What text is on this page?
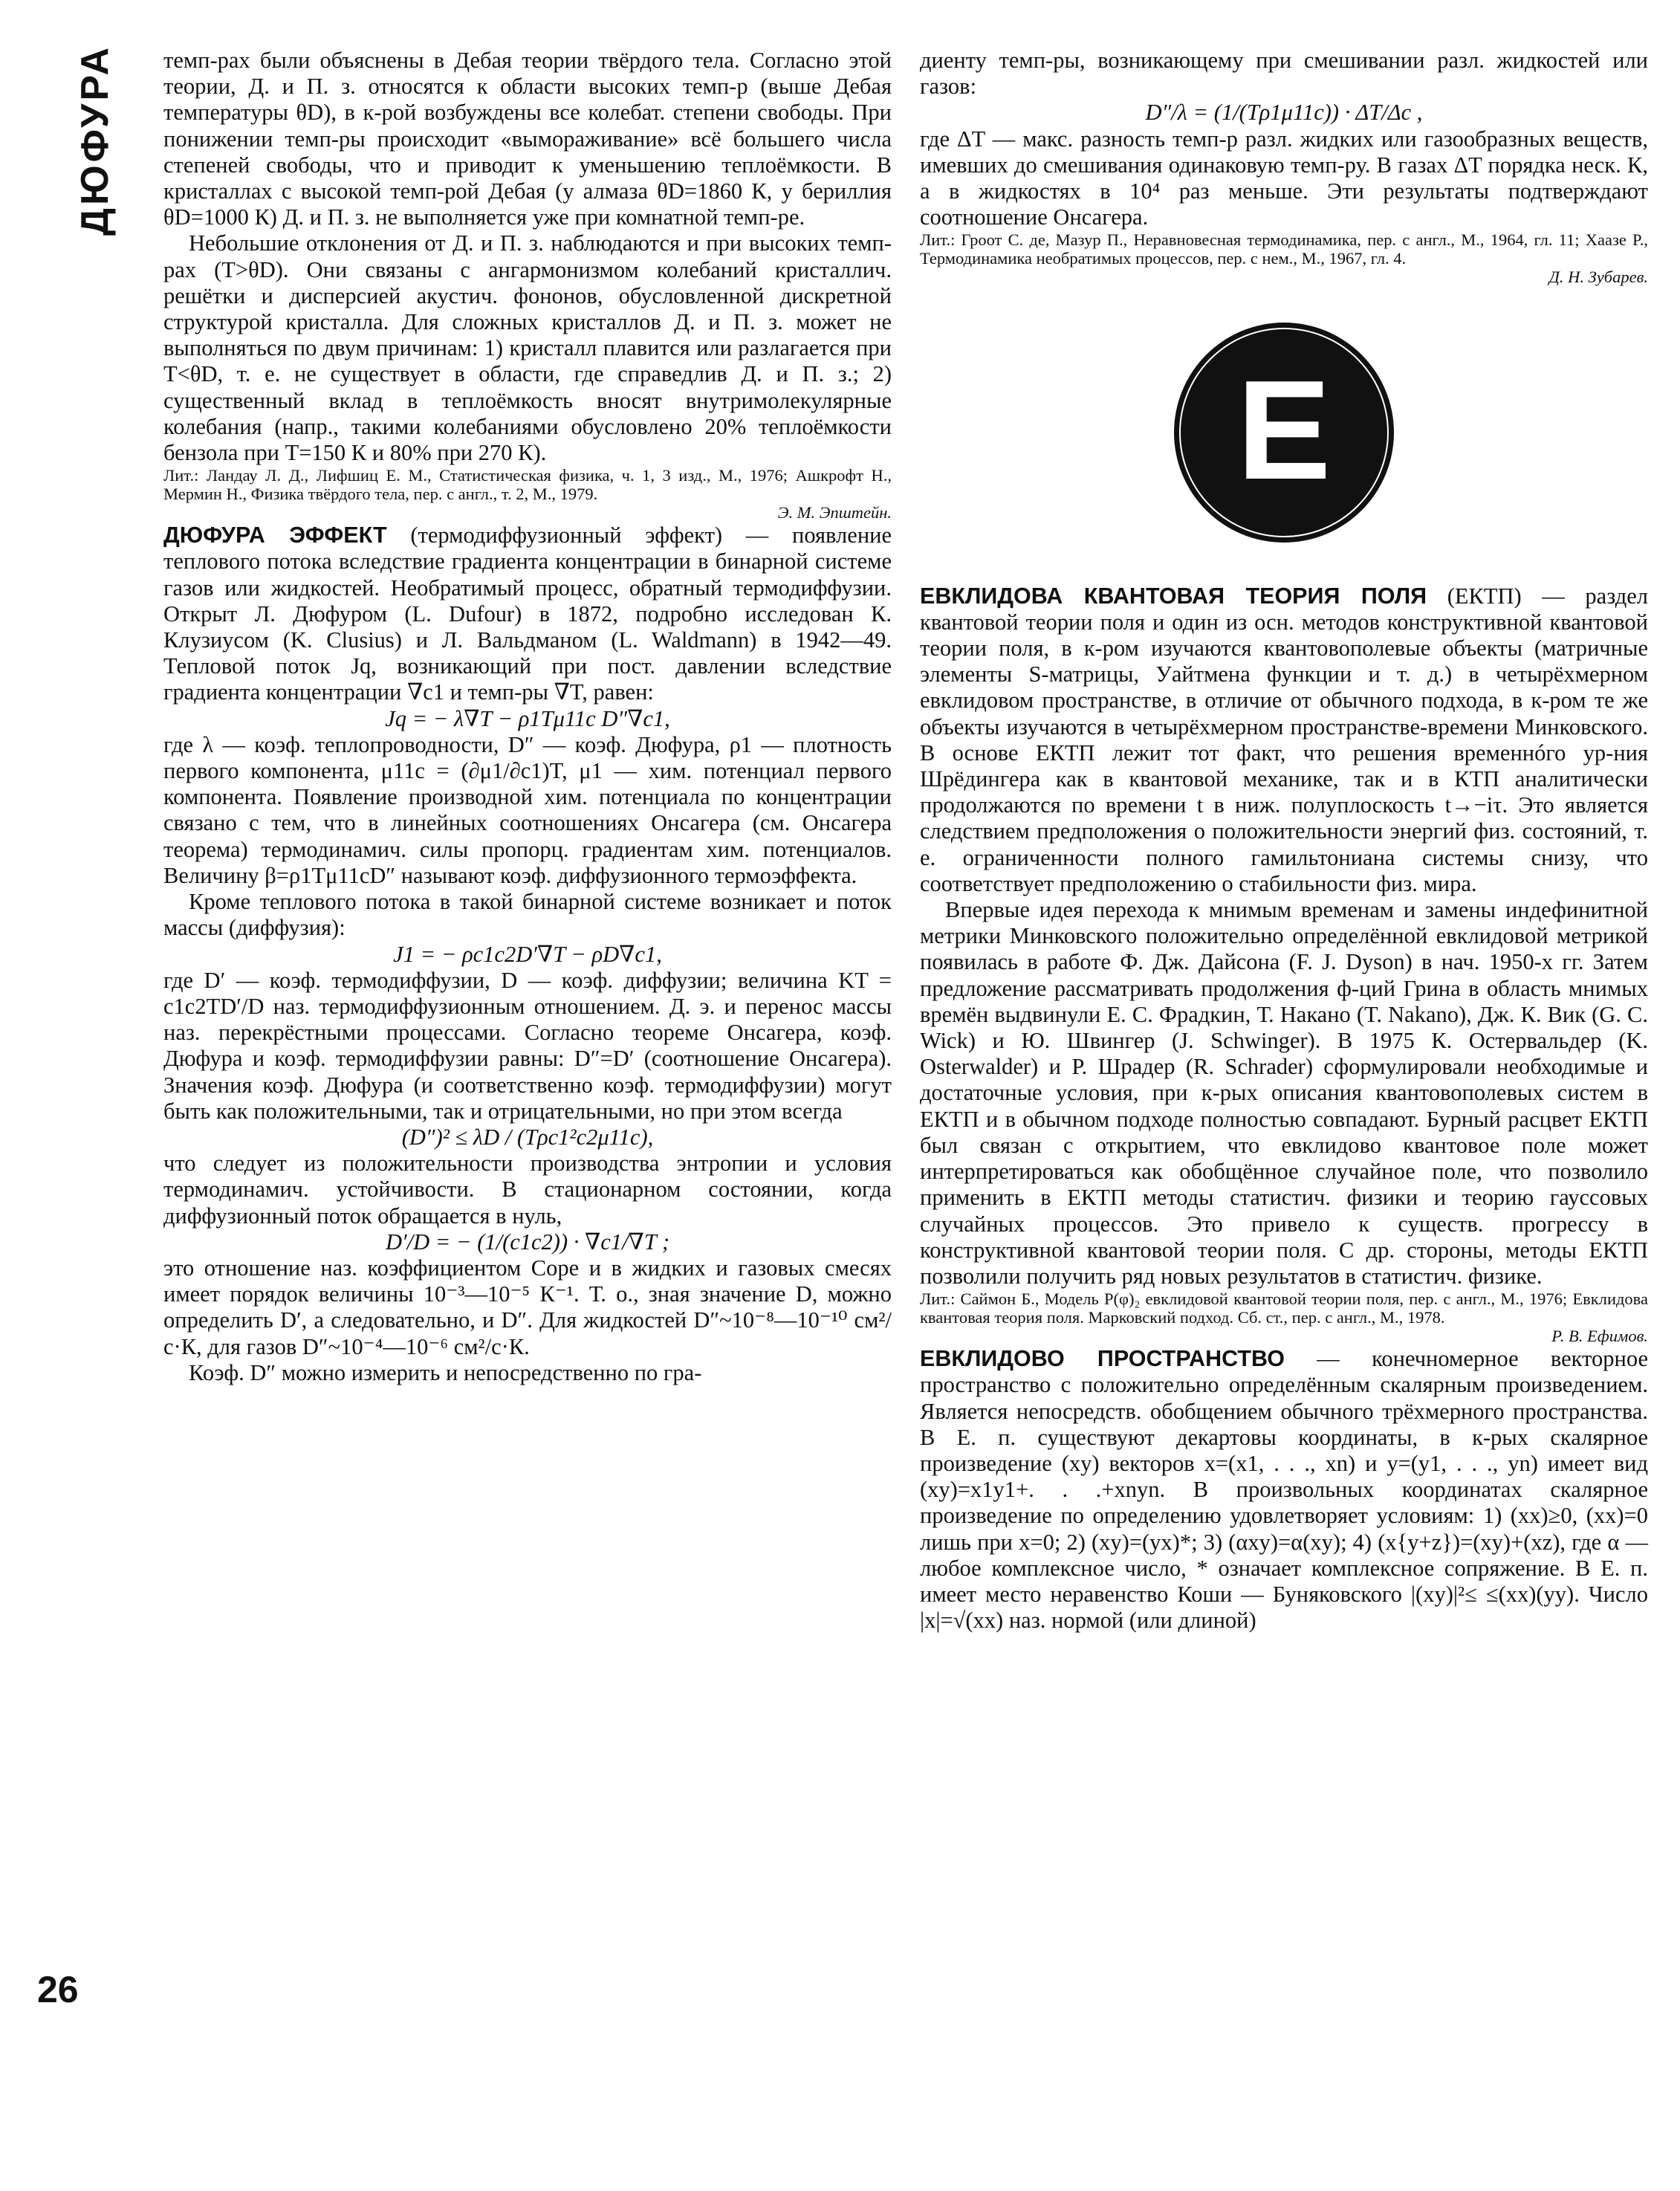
ДЮФУРА
26

темп-рах были объяснены в Дебая теории твёрдого тела. Согласно этой теории, Д. и П. з. относятся к области высоких темп-р (выше Дебая температуры θD), в к-рой возбуждены все колебат. степени свободы. При понижении темп-ры происходит «вымораживание» всё большего числа степеней свободы, что и приводит к уменьшению теплоёмкости. В кристаллах с высокой темп-рой Дебая (у алмаза θD=1860 К, у бериллия θD=1000 К) Д. и П. з. не выполняется уже при комнатной темп-ре.

Небольшие отклонения от Д. и П. з. наблюдаются и при высоких темп-рах (T>θD). Они связаны с ангармонизмом колебаний кристаллич. решётки и дисперсией акустич. фононов, обусловленной дискретной структурой кристалла. Для сложных кристаллов Д. и П. з. может не выполняться по двум причинам: 1) кристалл плавится или разлагается при T<θD, т. е. не существует в области, где справедлив Д. и П. з.; 2) существенный вклад в теплоёмкость вносят внутримолекулярные колебания (напр., такими колебаниями обусловлено 20% теплоёмкости бензола при T=150 К и 80% при 270 К).

Лит.: Ландау Л. Д., Лифшиц Е. М., Статистическая физика, ч. 1, 3 изд., М., 1976; Ашкрофт Н., Мермин Н., Физика твёрдого тела, пер. с англ., т. 2, М., 1979.

Э. М. Эпштейн.

ДЮФУРА ЭФФЕКТ (термодиффузионный эффект) — появление теплового потока вследствие градиента концентрации в бинарной системе газов или жидкостей. Необратимый процесс, обратный термодиффузии. Открыт Л. Дюфуром (L. Dufour) в 1872, подробно исследован К. Клузиусом (K. Clusius) и Л. Вальдманом (L. Waldmann) в 1942—49. Тепловой поток Jq, возникающий при пост. давлении вследствие градиента концентрации ∇c1 и темп-ры ∇T, равен:

Jq = − λ∇T − ρ1Tμ11c D″∇c1,

где λ — коэф. теплопроводности, D″ — коэф. Дюфура, ρ1 — плотность первого компонента, μ11c = (∂μ1/∂c1)T, μ1 — хим. потенциал первого компонента. Появление производной хим. потенциала по концентрации связано с тем, что в линейных соотношениях Онсагера (см. Онсагера теорема) термодинамич. силы пропорц. градиентам хим. потенциалов. Величину β=ρ1Tμ11cD″ называют коэф. диффузионного термоэффекта.

Кроме теплового потока в такой бинарной системе возникает и поток массы (диффузия):

J1 = − ρc1c2D′∇T − ρD∇c1,

где D′ — коэф. термодиффузии, D — коэф. диффузии; величина KT = c1c2TD′/D наз. термодиффузионным отношением. Д. э. и перенос массы наз. перекрёстными процессами. Согласно теореме Онсагера, коэф. Дюфура и коэф. термодиффузии равны: D″=D′ (соотношение Онсагера). Значения коэф. Дюфура (и соответственно коэф. термодиффузии) могут быть как положительными, так и отрицательными, но при этом всегда

(D″)² ≤ λD / (Tρc1²c2μ11c),

что следует из положительности производства энтропии и условия термодинамич. устойчивости. В стационарном состоянии, когда диффузионный поток обращается в нуль,

D′/D = − (1/(c1c2)) · ∇c1/∇T ;

это отношение наз. коэффициентом Соре и в жидких и газовых смесях имеет порядок величины 10⁻³—10⁻⁵ К⁻¹. Т. о., зная значение D, можно определить D′, а следовательно, и D″. Для жидкостей D″~10⁻⁸—10⁻¹⁰ см²/с·К, для газов D″~10⁻⁴—10⁻⁶ см²/с·К.

Коэф. D″ можно измерить и непосредственно по гра-

диенту темп-ры, возникающему при смешивании разл. жидкостей или газов:

D″/λ = (1/(Tρ1μ11c)) · ΔT/Δc ,

где ΔT — макс. разность темп-р разл. жидких или газообразных веществ, имевших до смешивания одинаковую темп-ру. В газах ΔT порядка неск. К, а в жидкостях в 10⁴ раз меньше. Эти результаты подтверждают соотношение Онсагера.

Лит.: Гроот С. де, Мазур П., Неравновесная термодинамика, пер. с англ., М., 1964, гл. 11; Хаазе Р., Термодинамика необратимых процессов, пер. с нем., М., 1967, гл. 4.

Д. Н. Зубарев.

E

ЕВКЛИДОВА КВАНТОВАЯ ТЕОРИЯ ПОЛЯ (ЕКТП) — раздел квантовой теории поля и один из осн. методов конструктивной квантовой теории поля, в к-ром изучаются квантовополевые объекты (матричные элементы S-матрицы, Уайтмена функции и т. д.) в четырёхмерном евклидовом пространстве, в отличие от обычного подхода, в к-ром те же объекты изучаются в четырёхмерном пространстве-времени Минковского. В основе ЕКТП лежит тот факт, что решения временнóго ур-ния Шрёдингера как в квантовой механике, так и в КТП аналитически продолжаются по времени t в ниж. полуплоскость t→−iτ. Это является следствием предположения о положительности энергий физ. состояний, т. е. ограниченности полного гамильтониана системы снизу, что соответствует предположению о стабильности физ. мира.

Впервые идея перехода к мнимым временам и замены индефинитной метрики Минковского положительно определённой евклидовой метрикой появилась в работе Ф. Дж. Дайсона (F. J. Dyson) в нач. 1950-х гг. Затем предложение рассматривать продолжения ф-ций Грина в область мнимых времён выдвинули Е. С. Фрадкин, Т. Накано (T. Nakano), Дж. К. Вик (G. C. Wick) и Ю. Швингер (J. Schwinger). В 1975 К. Остервальдер (K. Osterwalder) и Р. Шрадер (R. Schrader) сформулировали необходимые и достаточные условия, при к-рых описания квантовополевых систем в ЕКТП и в обычном подходе полностью совпадают. Бурный расцвет ЕКТП был связан с открытием, что евклидово квантовое поле может интерпретироваться как обобщённое случайное поле, что позволило применить в ЕКТП методы статистич. физики и теорию гауссовых случайных процессов. Это привело к существ. прогрессу в конструктивной квантовой теории поля. С др. стороны, методы ЕКТП позволили получить ряд новых результатов в статистич. физике.

Лит.: Саймон Б., Модель P(φ)₂ евклидовой квантовой теории поля, пер. с англ., М., 1976; Евклидова квантовая теория поля. Марковский подход. Сб. ст., пер. с англ., М., 1978.

Р. В. Ефимов.

ЕВКЛИДОВО ПРОСТРАНСТВО — конечномерное векторное пространство с положительно определённым скалярным произведением. Является непосредств. обобщением обычного трёхмерного пространства. В Е. п. существуют декартовы координаты, в к-рых скалярное произведение (xy) векторов x=(x1, . . ., xn) и y=(y1, . . ., yn) имеет вид (xy)=x1y1+. . .+xnyn. В произвольных координатах скалярное произведение по определению удовлетворяет условиям: 1) (xx)≥0, (xx)=0 лишь при x=0; 2) (xy)=(yx)*; 3) (αxy)=α(xy); 4) (x{y+z})=(xy)+(xz), где α — любое комплексное число, * означает комплексное сопряжение. В Е. п. имеет место неравенство Коши — Буняковского |(xy)|²≤ ≤(xx)(yy). Число |x|=√(xx) наз. нормой (или длиной)
